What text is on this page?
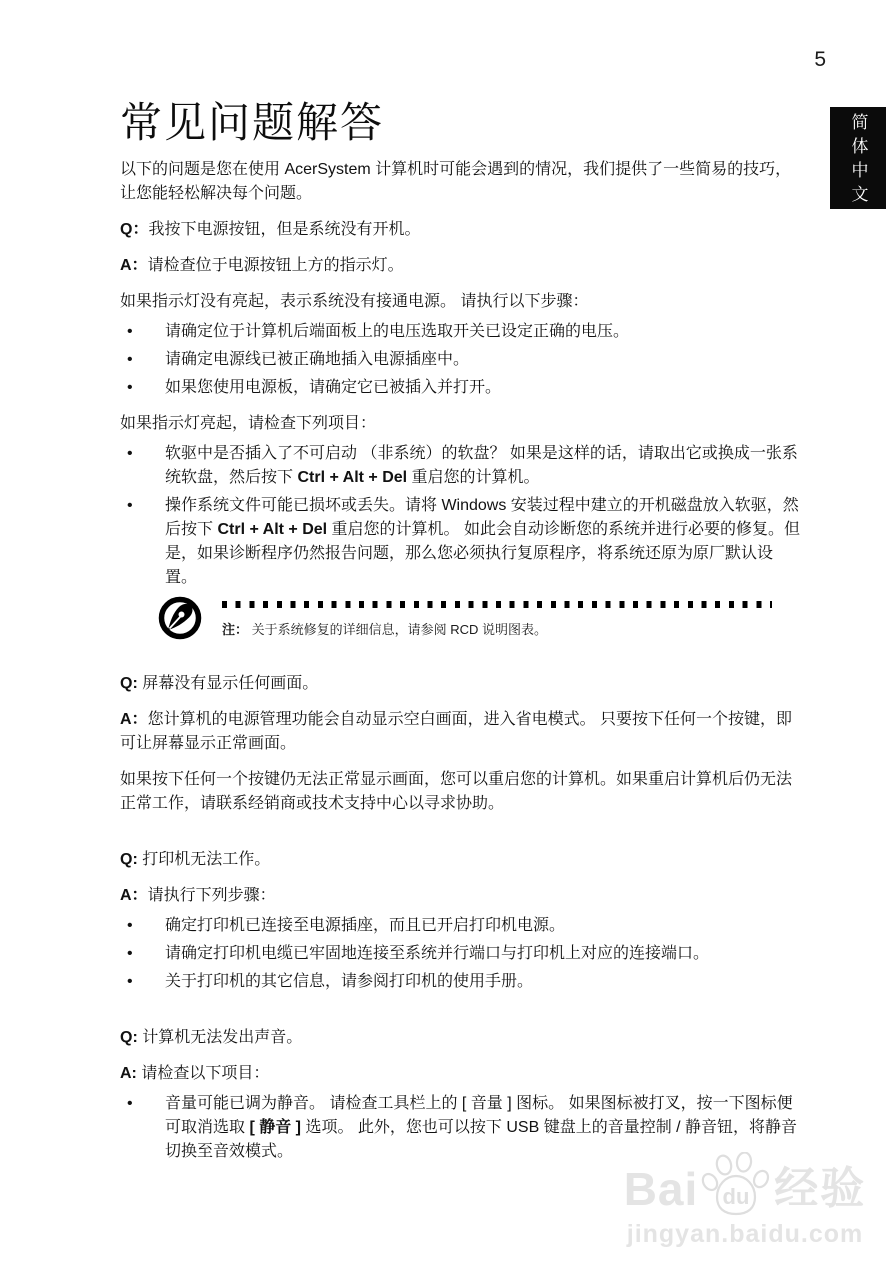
5
简体中文
常见问题解答

以下的问题是您在使用 AcerSystem 计算机时可能会遇到的情况，我们提供了一些简易的技巧，让您能轻松解决每个问题。

Q：我按下电源按钮，但是系统没有开机。

A：请检查位于电源按钮上方的指示灯。

如果指示灯没有亮起，表示系统没有接通电源。 请执行以下步骤：

• 请确定位于计算机后端面板上的电压选取开关已设定正确的电压。
• 请确定电源线已被正确地插入电源插座中。
• 如果您使用电源板，请确定它已被插入并打开。

如果指示灯亮起，请检查下列项目：

• 软驱中是否插入了不可启动 （非系统）的软盘？ 如果是这样的话，请取出它或换成一张系统软盘，然后按下 Ctrl + Alt + Del 重启您的计算机。
• 操作系统文件可能已损坏或丢失。请将 Windows 安装过程中建立的开机磁盘放入软驱，然后按下 Ctrl + Alt + Del 重启您的计算机。 如此会自动诊断您的系统并进行必要的修复。但是，如果诊断程序仍然报告问题，那么您必须执行复原程序，将系统还原为原厂默认设置。
注： 关于系统修复的详细信息，请参阅 RCD 说明图表。

Q: 屏幕没有显示任何画面。

A：您计算机的电源管理功能会自动显示空白画面，进入省电模式。 只要按下任何一个按键，即可让屏幕显示正常画面。

如果按下任何一个按键仍无法正常显示画面，您可以重启您的计算机。如果重启计算机后仍无法正常工作，请联系经销商或技术支持中心以寻求协助。

Q: 打印机无法工作。

A：请执行下列步骤：

• 确定打印机已连接至电源插座，而且已开启打印机电源。
• 请确定打印机电缆已牢固地连接至系统并行端口与打印机上对应的连接端口。
• 关于打印机的其它信息，请参阅打印机的使用手册。

Q: 计算机无法发出声音。

A: 请检查以下项目：

• 音量可能已调为静音。 请检查工具栏上的 [ 音量 ] 图标。 如果图标被打叉，按一下图标便可取消选取 [ 静音 ] 选项。 此外，您也可以按下 USB 键盘上的音量控制 / 静音钮，将静音切换至音效模式。
Bai du 经验
jingyan.baidu.com
